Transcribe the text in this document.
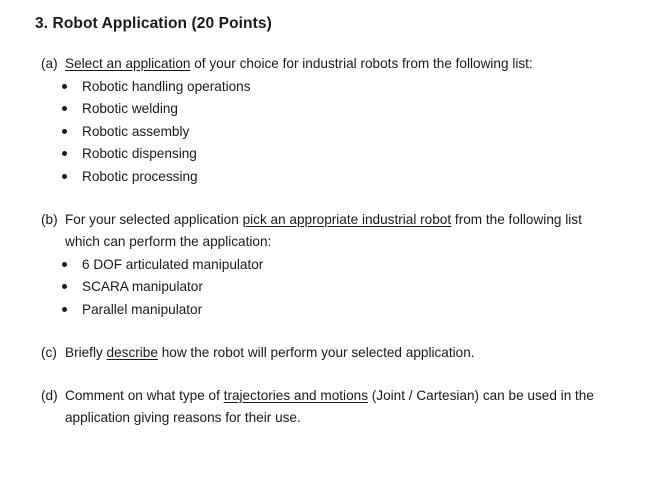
3. Robot Application (20 Points)
(a) Select an application of your choice for industrial robots from the following list:
Robotic handling operations
Robotic welding
Robotic assembly
Robotic dispensing
Robotic processing
(b) For your selected application pick an appropriate industrial robot from the following list
which can perform the application:
6 DOF articulated manipulator
SCARA manipulator
Parallel manipulator
(c) Briefly describe how the robot will perform your selected application.
(d) Comment on what type of trajectories and motions (Joint / Cartesian) can be used in the
application giving reasons for their use.
